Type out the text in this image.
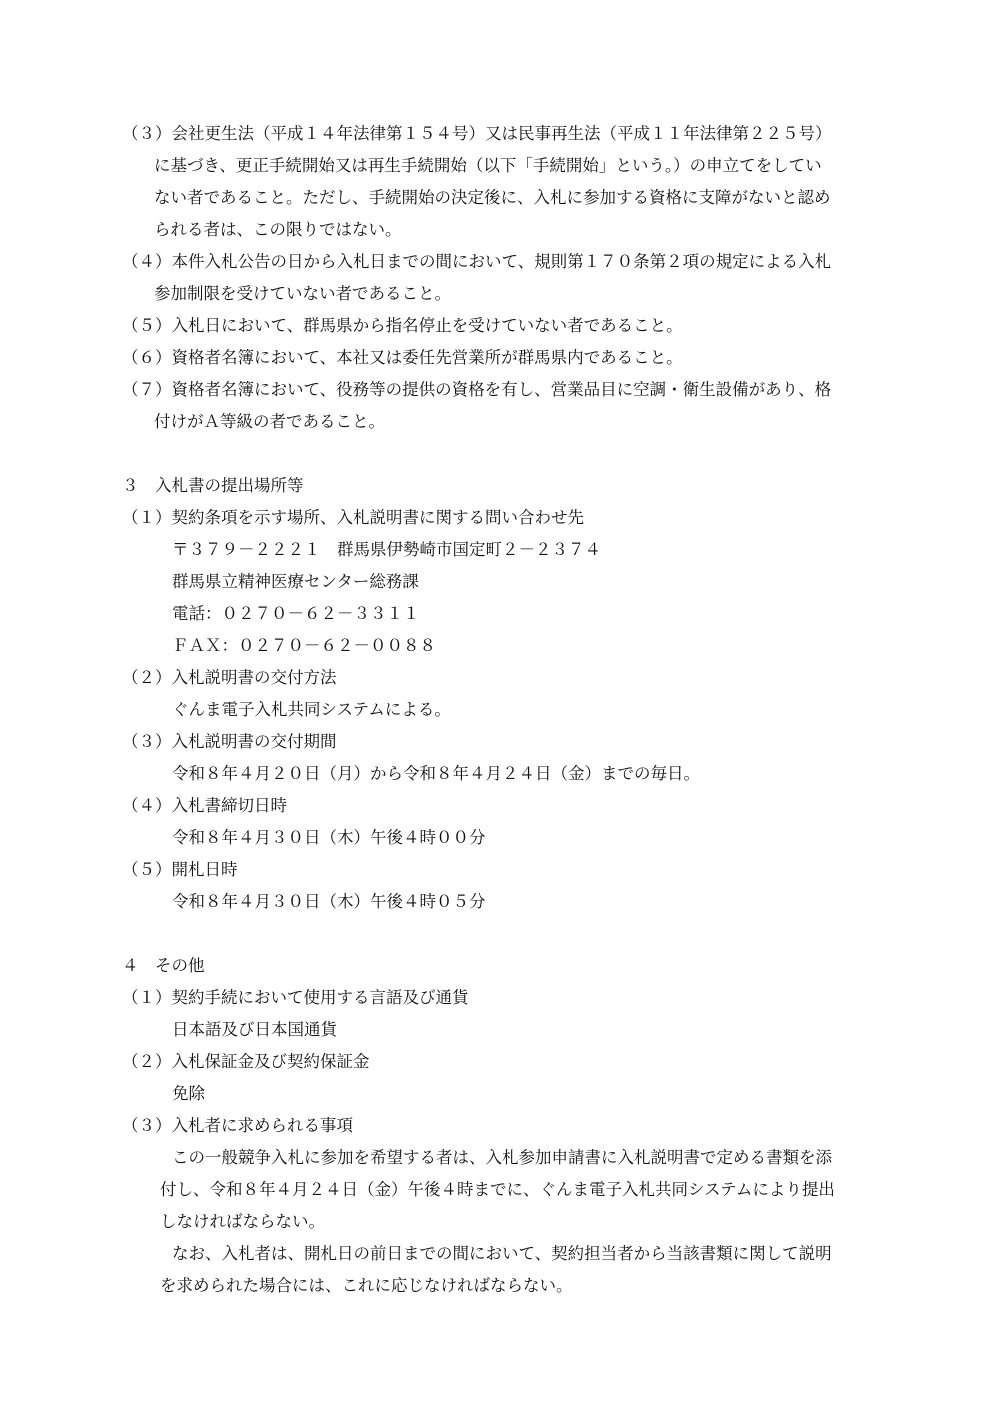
（３）会社更生法（平成１４年法律第１５４号）又は民事再生法（平成１１年法律第２２５号）
に基づき、更正手続開始又は再生手続開始（以下「手続開始」という。）の申立てをしてい
ない者であること。ただし、手続開始の決定後に、入札に参加する資格に支障がないと認め
られる者は、この限りではない。
（４）本件入札公告の日から入札日までの間において、規則第１７０条第２項の規定による入札
参加制限を受けていない者であること。
（５）入札日において、群馬県から指名停止を受けていない者であること。
（６）資格者名簿において、本社又は委任先営業所が群馬県内であること。
（７）資格者名簿において、役務等の提供の資格を有し、営業品目に空調・衛生設備があり、格
付けがＡ等級の者であること。
３　入札書の提出場所等
（１）契約条項を示す場所、入札説明書に関する問い合わせ先
〒３７９－２２２１　群馬県伊勢崎市国定町２－２３７４
群馬県立精神医療センター総務課
電話：０２７０－６２－３３１１
ＦＡＸ：０２７０－６２－００８８
（２）入札説明書の交付方法
ぐんま電子入札共同システムによる。
（３）入札説明書の交付期間
令和８年４月２０日（月）から令和８年４月２４日（金）までの毎日。
（４）入札書締切日時
令和８年４月３０日（木）午後４時００分
（５）開札日時
令和８年４月３０日（木）午後４時０５分
４　その他
（１）契約手続において使用する言語及び通貨
日本語及び日本国通貨
（２）入札保証金及び契約保証金
免除
（３）入札者に求められる事項
この一般競争入札に参加を希望する者は、入札参加申請書に入札説明書で定める書類を添
付し、令和８年４月２４日（金）午後４時までに、ぐんま電子入札共同システムにより提出
しなければならない。
なお、入札者は、開札日の前日までの間において、契約担当者から当該書類に関して説明
を求められた場合には、これに応じなければならない。
